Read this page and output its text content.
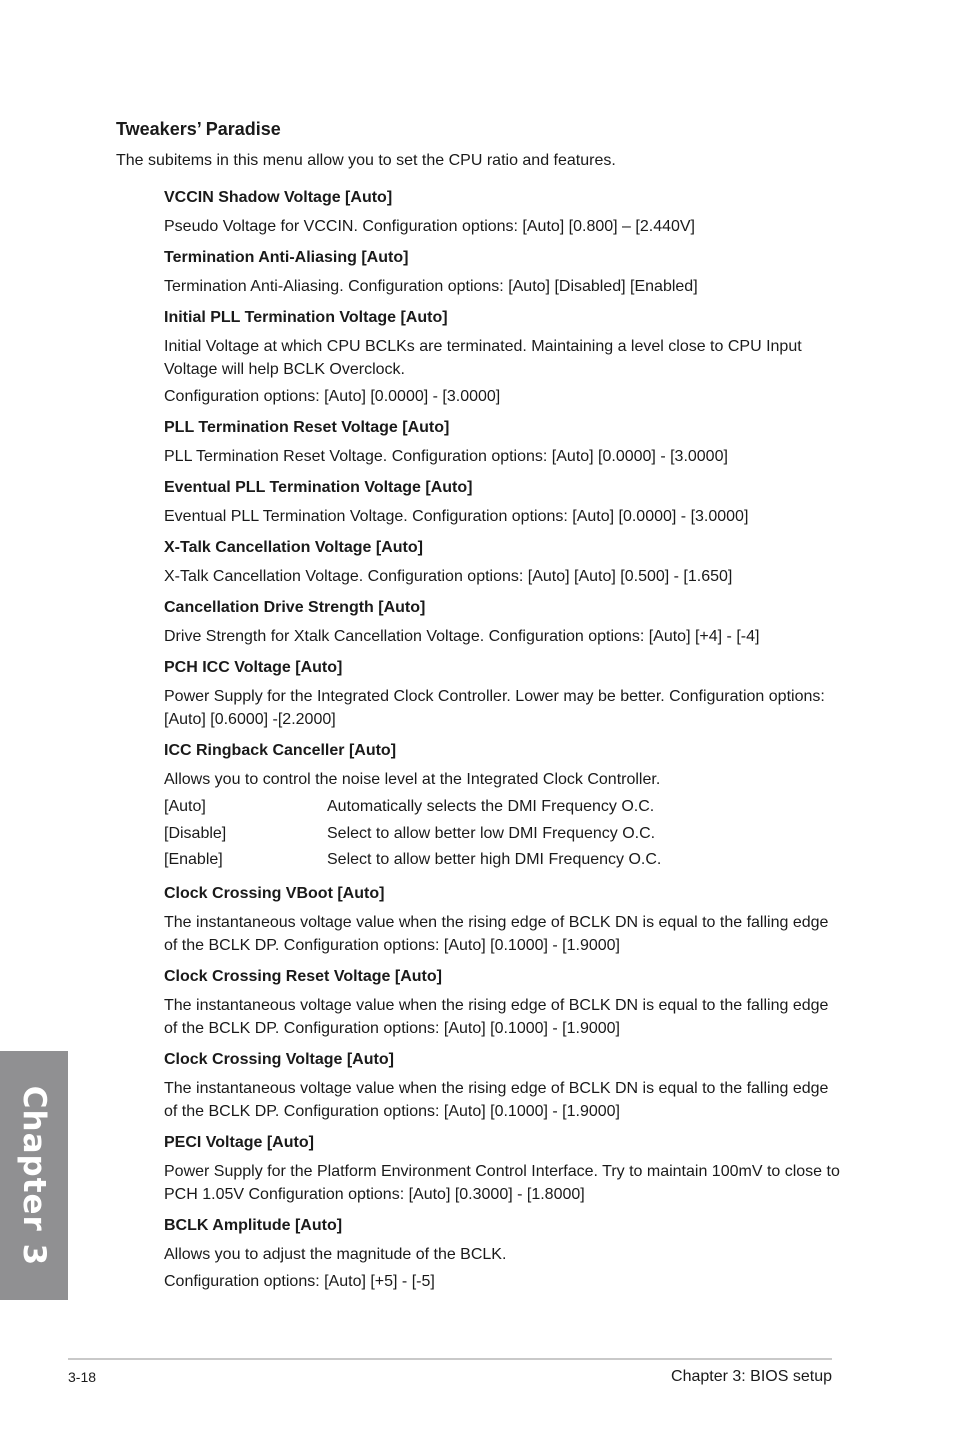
Tweakers’ Paradise

The subitems in this menu allow you to set the CPU ratio and features.

VCCIN Shadow Voltage [Auto]

Pseudo Voltage for VCCIN. Configuration options: [Auto] [0.800] – [2.440V]

Termination Anti-Aliasing [Auto]

Termination Anti-Aliasing. Configuration options: [Auto] [Disabled] [Enabled]

Initial PLL Termination Voltage [Auto]

Initial Voltage at which CPU BCLKs are terminated. Maintaining a level close to CPU Input Voltage will help BCLK Overclock.

Configuration options: [Auto] [0.0000] - [3.0000]

PLL Termination Reset Voltage [Auto]

PLL Termination Reset Voltage. Configuration options: [Auto] [0.0000] - [3.0000]

Eventual PLL Termination Voltage [Auto]

Eventual PLL Termination Voltage. Configuration options: [Auto] [0.0000] - [3.0000]

X-Talk Cancellation Voltage [Auto]

X-Talk Cancellation Voltage. Configuration options: [Auto] [Auto] [0.500] - [1.650]

Cancellation Drive Strength [Auto]

Drive Strength for Xtalk Cancellation Voltage. Configuration options: [Auto] [+4] - [-4]

PCH ICC Voltage [Auto]

Power Supply for the Integrated Clock Controller. Lower may be better. Configuration options: [Auto] [0.6000] -[2.2000]

ICC Ringback Canceller [Auto]

Allows you to control the noise level at the Integrated Clock Controller.

[Auto]	Automatically selects the DMI Frequency O.C.
[Disable]	Select to allow better low DMI Frequency O.C.
[Enable]	Select to allow better high DMI Frequency O.C.
Clock Crossing VBoot [Auto]

The instantaneous voltage value when the rising edge of BCLK DN is equal to the falling edge of the BCLK DP. Configuration options: [Auto] [0.1000] - [1.9000]

Clock Crossing Reset Voltage [Auto]

The instantaneous voltage value when the rising edge of BCLK DN is equal to the falling edge of the BCLK DP. Configuration options: [Auto] [0.1000] - [1.9000]

Clock Crossing Voltage [Auto]

The instantaneous voltage value when the rising edge of BCLK DN is equal to the falling edge of the BCLK DP. Configuration options: [Auto] [0.1000] - [1.9000]

PECI Voltage [Auto]

Power Supply for the Platform Environment Control Interface. Try to maintain 100mV to close to PCH 1.05V Configuration options: [Auto] [0.3000] - [1.8000]

BCLK Amplitude [Auto]

Allows you to adjust the magnitude of the BCLK.

Configuration options: [Auto] [+5] - [-5]

Chapter 3
3-18	Chapter 3: BIOS setup
